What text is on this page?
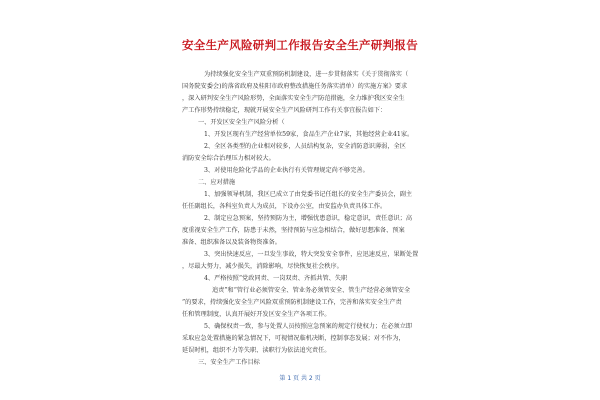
安全生产风险研判工作报告安全生产研判报告
为持续强化安全生产双重预防机制建设，进一步贯彻落实《关于贯彻落实（
国务院安委会)的落省政府及桂阳市政府整改措施任务落实清单）的实施方案》要求
，深入研判安全生产风险形势，全面落实安全生产防范措施，全力维护我区安全生
产工作形势持续稳定，现就开展安全生产风险研判工作有关事宜报告如下：
一、开发区安全生产风险分析（
1、开发区现有生产经营单位59家，食品生产企业7家，其他经营企业41家。
2、全区各类型的企业相对较多，人员结构复杂，安全消防意识薄弱，全区
消防安全综合治理压力相对较大。
3、对使用危险化学品的企业执行有关管理规定尚不够完善。
二、应对措施
1、加强领导机制，我区已成立了由党委书记任组长的安全生产委员会，副主
任任副组长，各科室负责人为成员，下设办公室，由安监办负责具体工作。
2、制定应急预案，坚持预防为主，增强忧患意识，稳定意识，责任意识；高
度重视安全生产工作，防患于未然，坚持预防与应急相结合，做好思想准备、预案
准备、组织准备以及装备物资准备。
3、突出快速反应，一旦发生事故，特大突发安全事件，应迅速反应，果断处置
，尽最大努力，减少损失，消除影响，尽快恢复社会秩序。
4、严格按照“党政同责、一岗双责、齐抓共管、失职
追责”和“管行业必须管安全、管业务必须管安全、管生产经营必须管安全
”的要求，持续强化安全生产风险双重预防机制建设工作，完善和落实安全生产责
任和管理制度，认真开展好开发区安全生产各项工作。
5、确保权责一致，参与处置人员按照应急预案的规定行使权力；在必须立即
采取应急处置措施的紧急情况下，可视情况临机决断，控制事态发展；对不作为，
延误时机，组织不力等失职、渎职行为依法追究责任。
三、安全生产工作目标
第 1 页 共 2 页
